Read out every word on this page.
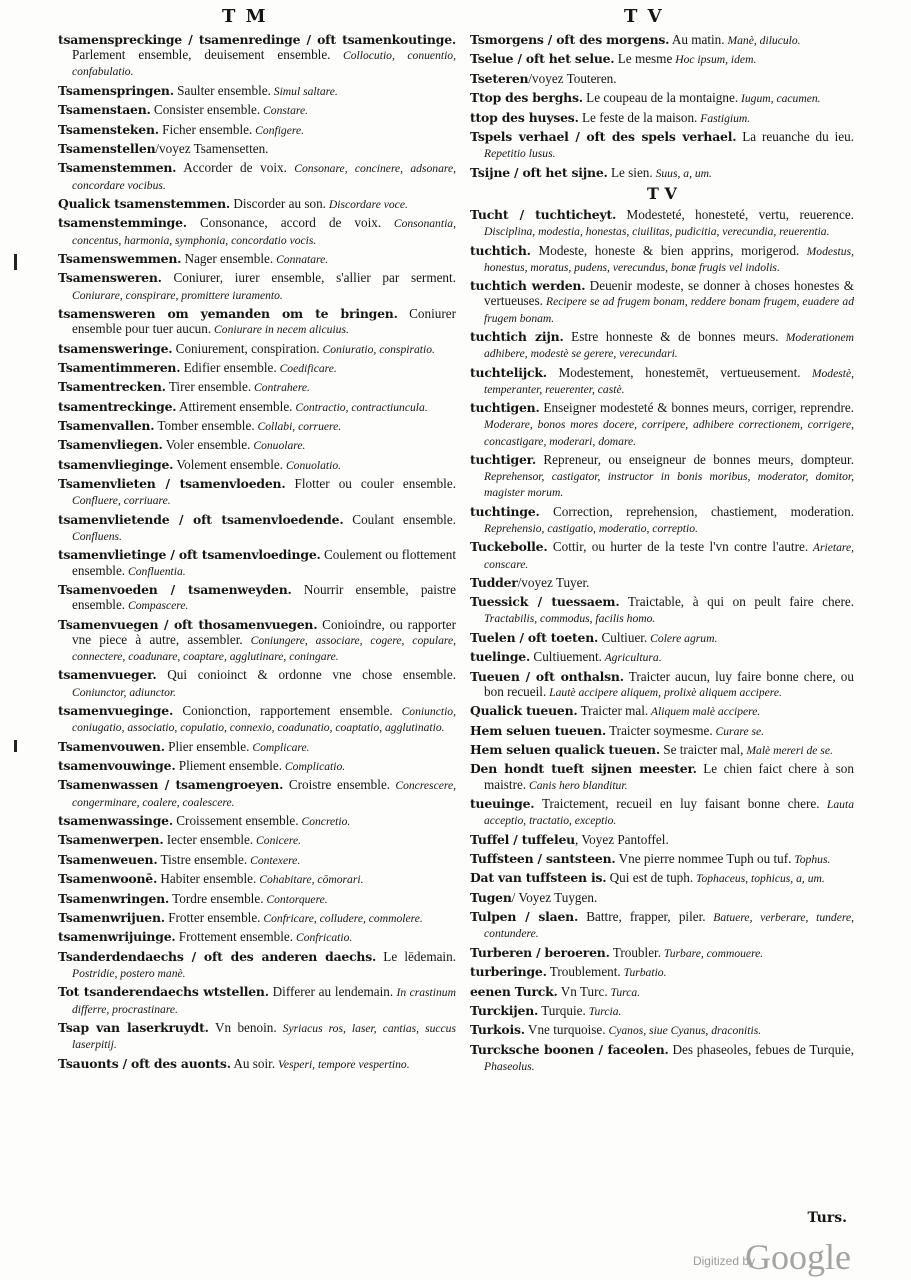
T M	T V

tsamenspreckinge / tsamenredinge / oft tsamenkoutinge. Parlement ensemble, deuisement ensemble. Collocutio, conuentio, confabulatio.

Tsamenspringen. Saulter ensemble. Simul saltare.

Tsamenstaen. Consister ensemble. Constare.

Tsamensteken. Ficher ensemble. Configere.

Tsamenstellen/voyez Tsamensetten.

Tsamenstemmen. Accorder de voix. Consonare, concinere, adsonare, concordare vocibus.

Qualick tsamenstemmen. Discorder au son. Discordare voce.

tsamenstemminge. Consonance, accord de voix. Consonantia, concentus, harmonia, symphonia, concordatio vocis.

Tsamenswemmen. Nager ensemble. Connatare.

Tsamensweren. Coniurer, iurer ensemble, s'allier par serment. Coniurare, conspirare, promittere iuramento.

tsamensweren om yemanden om te bringen. Coniurer ensemble pour tuer aucun. Coniurare in necem alicuius.

tsamensweringe. Coniurement, conspiration. Coniuratio, conspiratio.

Tsamentimmeren. Edifier ensemble. Coedificare.

Tsamentrecken. Tirer ensemble. Contrahere.

tsamentreckinge. Attirement ensemble. Contractio, contractiuncula.

Tsamenvallen. Tomber ensemble. Collabi, corruere.

Tsamenvliegen. Voler ensemble. Conuolare.

tsamenvlieginge. Volement ensemble. Conuolatio.

Tsamenvlieten / tsamenvloeden. Flotter ou couler ensemble. Confluere, corriuare.

tsamenvlietende / oft tsamenvloedende. Coulant ensemble. Confluens.

tsamenvlietinge / oft tsamenvloedinge. Coulement ou flottement ensemble. Confluentia.

Tsamenvoeden / tsamenweyden. Nourrir ensemble, paistre ensemble. Compascere.

Tsamenvuegen / oft thosamenvuegen. Conioindre, ou rapporter vne piece à autre, assembler. Coniungere, associare, cogere, copulare, connectere, coadunare, coaptare, agglutinare, coningare.

tsamenvueger. Qui conioinct & ordonne vne chose ensemble. Coniunctor, adiunctor.

tsamenvueginge. Conionction, rapportement ensemble. Coniunctio, coniugatio, associatio, copulatio, connexio, coadunatio, coaptatio, agglutinatio.

Tsamenvouwen. Plier ensemble. Complicare.

tsamenvouwinge. Pliement ensemble. Complicatio.

Tsamenwassen / tsamengroeyen. Croistre ensemble. Concrescere, congerminare, coalere, coalescere.

tsamenwassinge. Croissement ensemble. Concretio.

Tsamenwerpen. Iecter ensemble. Conicere.

Tsamenweuen. Tistre ensemble. Contexere.

Tsamenwoonē. Habiter ensemble. Cohabitare, cōmorari.

Tsamenwringen. Tordre ensemble. Contorquere.

Tsamenwrijuen. Frotter ensemble. Confricare, colludere, commolere.

tsamenwrijuinge. Frottement ensemble. Confricatio.

Tsanderdendaechs / oft des anderen daechs. Le lēdemain. Postridie, postero manè.

Tot tsanderendaechs wtstellen. Differer au lendemain. In crastinum differre, procrastinare.

Tsap van laserkruydt. Vn benoin. Syriacus ros, laser, cantias, succus laserpitij.

Tsauonts / oft des auonts. Au soir. Vesperi, tempore vespertino.

Tsmorgens / oft des morgens. Au matin. Manè, diluculo.

Tselue / oft het selue. Le mesme Hoc ipsum, idem.

Tseteren/voyez Touteren.

Ttop des berghs. Le coupeau de la montaigne. Iugum, cacumen.

ttop des huyses. Le feste de la maison. Fastigium.

Tspels verhael / oft des spels verhael. La reuanche du ieu. Repetitio lusus.

Tsijne / oft het sijne. Le sien. Suus, a, um.

T V

Tucht / tuchticheyt. Modesteté, honesteté, vertu, reuerence. Disciplina, modestia, honestas, ciuilitas, pudicitia, verecundia, reuerentia.

tuchtich. Modeste, honeste & bien apprins, morigerod. Modestus, honestus, moratus, pudens, verecundus, bonæ frugis vel indolis.

tuchtich werden. Deuenir modeste, se donner à choses honestes & vertueuses. Recipere se ad frugem bonam, reddere bonam frugem, euadere ad frugem bonam.

tuchtich zijn. Estre honneste & de bonnes meurs. Moderationem adhibere, modestè se gerere, verecundari.

tuchtelijck. Modestement, honestemēt, vertueusement. Modestè, temperanter, reuerenter, castè.

tuchtigen. Enseigner modesteté & bonnes meurs, corriger, reprendre. Moderare, bonos mores docere, corripere, adhibere correctionem, corrigere, concastigare, moderari, domare.

tuchtiger. Repreneur, ou enseigneur de bonnes meurs, dompteur. Reprehensor, castigator, instructor in bonis moribus, moderator, domitor, magister morum.

tuchtinge. Correction, reprehension, chastiement, moderation. Reprehensio, castigatio, moderatio, correptio.

Tuckebolle. Cottir, ou hurter de la teste l'vn contre l'autre. Arietare, conscare.

Tudder/voyez Tuyer.

Tuessick / tuessaem. Traictable, à qui on peult faire chere. Tractabilis, commodus, facilis homo.

Tuelen / oft toeten. Cultiuer. Colere agrum.

tuelinge. Cultiuement. Agricultura.

Tueuen / oft onthalsn. Traicter aucun, luy faire bonne chere, ou bon recueil. Lautè accipere aliquem, prolixè aliquem accipere.

Qualick tueuen. Traicter mal. Aliquem malè accipere.

Hem seluen tueuen. Traicter soymesme. Curare se.

Hem seluen qualick tueuen. Se traicter mal, Malè mereri de se.

Den hondt tueft sijnen meester. Le chien faict chere à son maistre. Canis hero blanditur.

tueuinge. Traictement, recueil en luy faisant bonne chere. Lauta acceptio, tractatio, exceptio.

Tuffel / tuffeleu, Voyez Pantoffel.

Tuffsteen / santsteen. Vne pierre nommee Tuph ou tuf. Tophus.

Dat van tuffsteen is. Qui est de tuph. Tophaceus, tophicus, a, um.

Tugen/ Voyez Tuygen.

Tulpen / slaen. Battre, frapper, piler. Batuere, verberare, tundere, contundere.

Turberen / beroeren. Troubler. Turbare, commouere.

turberinge. Troublement. Turbatio.

eenen Turck. Vn Turc. Turca.

Turckijen. Turquie. Turcia.

Turkois. Vne turquoise. Cyanos, siue Cyanus, draconitis.

Turcksche boonen / faceolen. Des phaseoles, febues de Turquie, Phaseolus.

Turs.
Digitized by
Google
